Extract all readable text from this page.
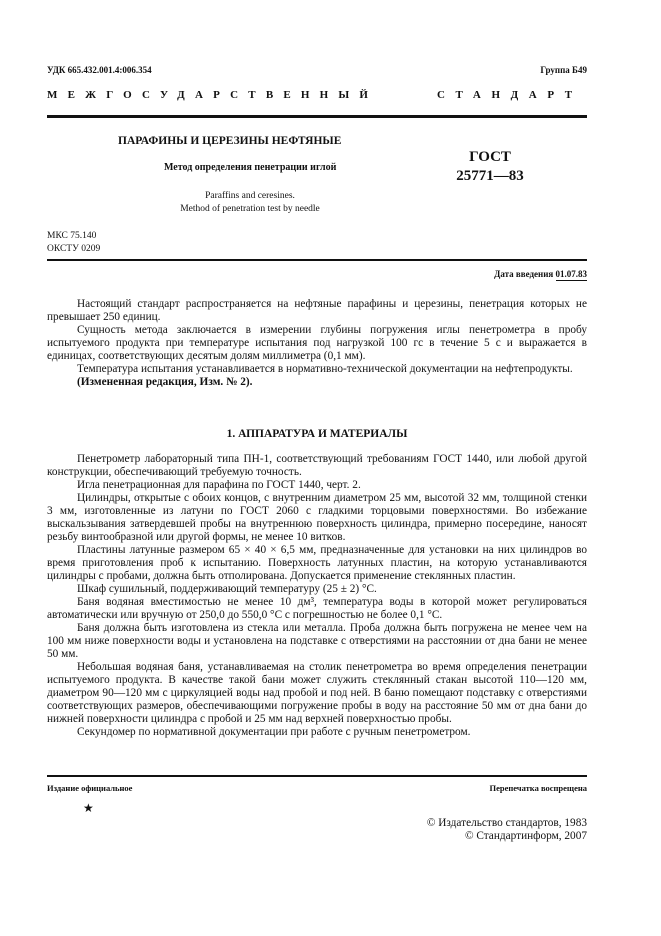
УДК 665.432.001.4:006.354	Группа Б49
МЕЖГОСУДАРСТВЕННЫЙ	СТАНДАРТ
ПАРАФИНЫ И ЦЕРЕЗИНЫ НЕФТЯНЫЕ
Метод определения пенетрации иглой
Paraffins and ceresines.
Method of penetration test by needle
ГОСТ
25771—83
МКС 75.140
ОКСТУ 0209
Дата введения 01.07.83

Настоящий стандарт распространяется на нефтяные парафины и церезины, пенетрация которых не превышает 250 единиц.

Сущность метода заключается в измерении глубины погружения иглы пенетрометра в пробу испытуемого продукта при температуре испытания под нагрузкой 100 гс в течение 5 с и выражается в единицах, соответствующих десятым долям миллиметра (0,1 мм).

Температура испытания устанавливается в нормативно-технической документации на нефтепродукты.

(Измененная редакция, Изм. № 2).

1. АППАРАТУРА И МАТЕРИАЛЫ

Пенетрометр лабораторный типа ПН-1, соответствующий требованиям ГОСТ 1440, или любой другой конструкции, обеспечивающий требуемую точность.

Игла пенетрационная для парафина по ГОСТ 1440, черт. 2.

Цилиндры, открытые с обоих концов, с внутренним диаметром 25 мм, высотой 32 мм, толщиной стенки 3 мм, изготовленные из латуни по ГОСТ 2060 с гладкими торцовыми поверхностями. Во избежание выскальзывания затвердевшей пробы на внутреннюю поверхность цилиндра, примерно посередине, наносят резьбу винтообразной или другой формы, не менее 10 витков.

Пластины латунные размером 65 × 40 × 6,5 мм, предназначенные для установки на них цилиндров во время приготовления проб к испытанию. Поверхность латунных пластин, на которую устанавливаются цилиндры с пробами, должна быть отполирована. Допускается применение стеклянных пластин.

Шкаф сушильный, поддерживающий температуру (25 ± 2) °С.

Баня водяная вместимостью не менее 10 дм³, температура воды в которой может регулироваться автоматически или вручную от 250,0 до 550,0 °С с погрешностью не более 0,1 °С.

Баня должна быть изготовлена из стекла или металла. Проба должна быть погружена не менее чем на 100 мм ниже поверхности воды и установлена на подставке с отверстиями на расстоянии от дна бани не менее 50 мм.

Небольшая водяная баня, устанавливаемая на столик пенетрометра во время определения пенетрации испытуемого продукта. В качестве такой бани может служить стеклянный стакан высотой 110—120 мм, диаметром 90—120 мм с циркуляцией воды над пробой и под ней. В баню помещают подставку с отверстиями соответствующих размеров, обеспечивающими погружение пробы в воду на расстояние 50 мм от дна бани до нижней поверхности цилиндра с пробой и 25 мм над верхней поверхностью пробы.

Секундомер по нормативной документации при работе с ручным пенетрометром.

Издание официальное	Перепечатка воспрещена
★
© Издательство стандартов, 1983
© Стандартинформ, 2007
